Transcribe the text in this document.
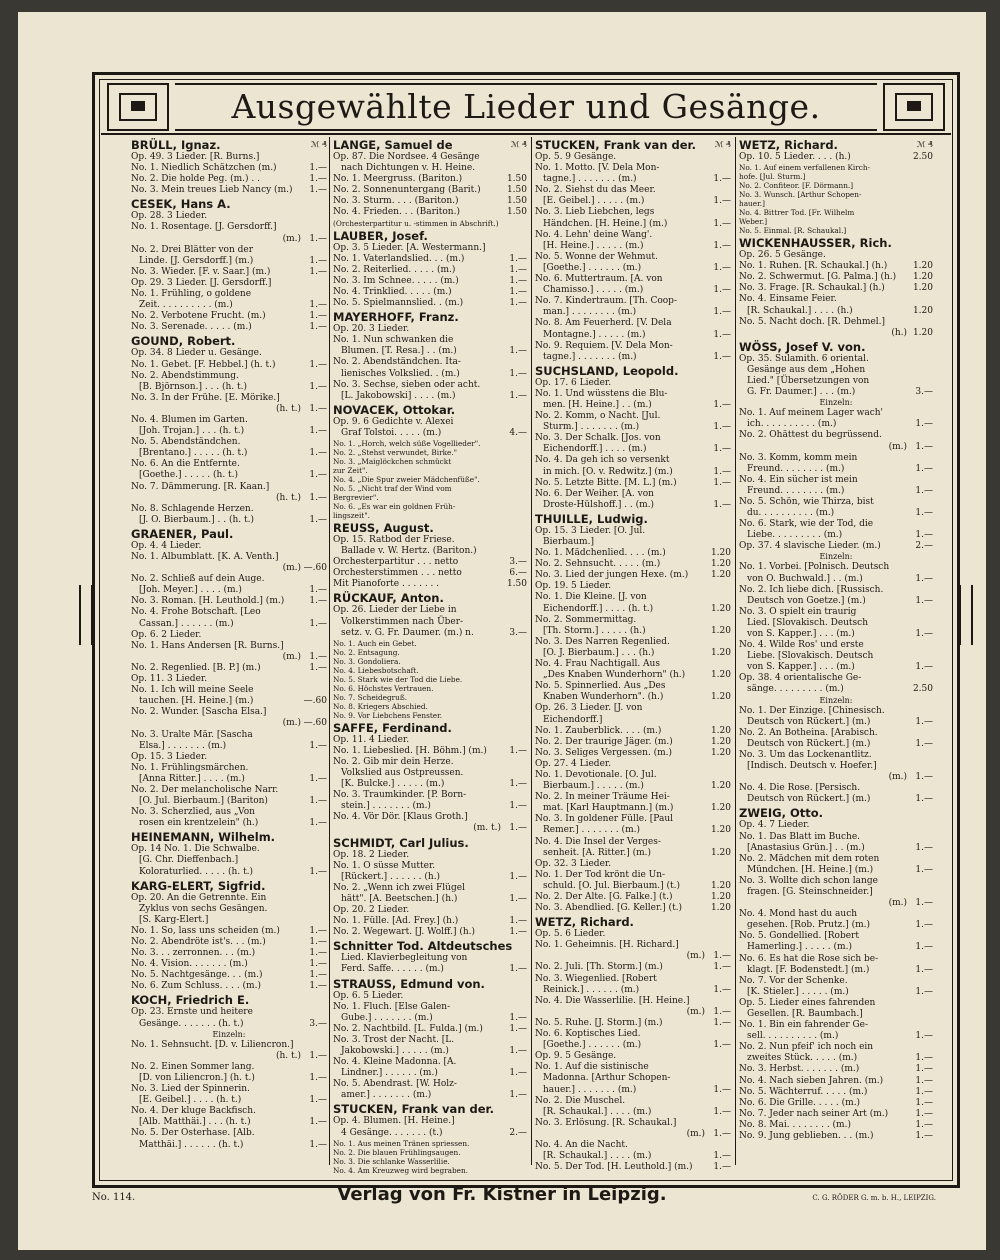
Ausgewählte Lieder und Gesänge.
BRÜLL, Ignaz.	ℳ ₰
Op. 49. 3 Lieder. [R. Burns.]
No. 1. Niedlich Schätzchen (m.)	1.—
No. 2. Die holde Peg. (m.) . .	1.—
No. 3. Mein treues Lieb Nancy (m.) 1.—
CESEK, Hans A.
Op. 28. 3 Lieder.
No. 1. Rosentage. [J. Gersdorff.]
(m.) 1.—
No. 2. Drei Blätter von der
Linde. [J. Gersdorff.] (m.)	1.—
No. 3. Wieder. [F. v. Saar.] (m.)	1.—
Op. 29. 3 Lieder. [J. Gersdorff.]
No. 1. Frühling, o goldene
Zeit. . . . . . . . . . (m.)	1.—
No. 2. Verbotene Frucht. (m.)	1.—
No. 3. Serenade. . . . . (m.)	1.—
GOUND, Robert.
Op. 34. 8 Lieder u. Gesänge.
No. 1. Gebet. [F. Hebbel.] (h. t.)	1.—
No. 2. Abendstimmung.
[B. Björnson.] . . . (h. t.)	1.—
No. 3. In der Frühe. [E. Mörike.]
(h. t.) 1.—
No. 4. Blumen im Garten.
[Joh. Trojan.] . . . (h. t.)	1.—
No. 5. Abendständchen.
[Brentano.] . . . . . (h. t.)	1.—
No. 6. An die Entfernte.
[Goethe.] . . . . . (h. t.)	1.—
No. 7. Dämmerung. [R. Kaan.]
(h. t.) 1.—
No. 8. Schlagende Herzen.
[J. O. Bierbaum.] . . (h. t.)	1.—
GRAENER, Paul.
Op. 4. 4 Lieder.
No. 1. Albumblatt. [K. A. Venth.]
(m.) —.60
No. 2. Schließ auf dein Auge.
[Joh. Meyer.] . . . . (m.)	1.—
No. 3. Roman. [H. Leuthold.] (m.)	1.—
No. 4. Frohe Botschaft. [Leo
Cassan.] . . . . . . (m.)	1.—
Op. 6. 2 Lieder.
No. 1. Hans Andersen [R. Burns.]
(m.) 1.—
No. 2. Regenlied. [B. P.] (m.)	1.—
Op. 11. 3 Lieder.
No. 1. Ich will meine Seele
tauchen. [H. Heine.] (m.)	—.60
No. 2. Wunder. [Sascha Elsa.]
(m.) —.60
No. 3. Uralte Mär. [Sascha
Elsa.] . . . . . . . (m.)	1.—
Op. 15. 3 Lieder.
No. 1. Frühlingsmärchen.
[Anna Ritter.] . . . . (m.)	1.—
No. 2. Der melancholische Narr.
[O. Jul. Bierbaum.] (Bariton)	1.—
No. 3. Scherzlied, aus „Von
rosen ein krentzelein" (h.)	1.—
HEINEMANN, Wilhelm.
Op. 14 No. 1. Die Schwalbe.
[G. Chr. Dieffenbach.]
Koloraturlied. . . . . (h. t.)	1.—
KARG-ELERT, Sigfrid.
Op. 20. An die Getrennte. Ein
Zyklus von sechs Gesängen.
[S. Karg-Elert.]
No. 1. So, lass uns scheiden (m.)	1.—
No. 2. Abendröte ist's. . . (m.)	1.—
No. 3. . . zerronnen. . . (m.)	1.—
No. 4. Vision. . . . . . . (m.)	1.—
No. 5. Nachtgesänge. . . (m.)	1.—
No. 6. Zum Schluss. . . . (m.)	1.—
KOCH, Friedrich E.
Op. 23. Ernste und heitere
Gesänge. . . . . . . (h. t.)	3.—
Einzeln:
No. 1. Sehnsucht. [D. v. Liliencron.]
(h. t.) 1.—
No. 2. Einen Sommer lang.
[D. von Liliencron.] (h. t.)	1.—
No. 3. Lied der Spinnerin.
[E. Geibel.] . . . . (h. t.)	1.—
No. 4. Der kluge Backfisch.
[Alb. Matthäi.] . . . (h. t.)	1.—
No. 5. Der Osterhase. [Alb.
Matthäi.] . . . . . . (h. t.)	1.—
LANGE, Samuel de	ℳ ₰
Op. 87. Die Nordsee. 4 Gesänge
nach Dichtungen v. H. Heine.
No. 1. Meergruss. (Bariton.)	1.50
No. 2. Sonnenuntergang (Barit.)	1.50
No. 3. Sturm. . . . (Bariton.)	1.50
No. 4. Frieden. . . (Bariton.)	1.50
(Orchesterpartitur u. -stimmen in Abschrift.)
LAUBER, Josef.
Op. 3. 5 Lieder. [A. Westermann.]
No. 1. Vaterlandslied. . . (m.)	1.—
No. 2. Reiterlied. . . . . (m.)	1.—
No. 3. Im Schnee. . . . . (m.)	1.—
No. 4. Trinklied. . . . . (m.)	1.—
No. 5. Spielmannslied. . (m.)	1.—
MAYERHOFF, Franz.
Op. 20. 3 Lieder.
No. 1. Nun schwanken die
Blumen. [T. Resa.] . . (m.)	1.—
No. 2. Abendständchen. Ita-
lienisches Volkslied. . (m.)	1.—
No. 3. Sechse, sieben oder acht.
[L. Jakobowski] . . . . (m.)	1.—
NOVACEK, Ottokar.
Op. 9. 6 Gedichte v. Alexei
Graf Tolstoi. . . . . (m.)	4.—
No. 1. „Horch, welch süße Vogellieder".
No. 2. „Stehst verwundet, Birke."
No. 3. „Maiglöckchen schmückt
zur Zeit".
No. 4. „Die Spur zweier Mädchenfüße".
No. 5. „Nicht traf der Wind vom
Bergrevier".
No. 6. „Es war ein goldnen Früh-
lingszeit".
REUSS, August.
Op. 15. Ratbod der Friese.
Ballade v. W. Hertz. (Bariton.)
Orchesterpartitur . . . netto	3.—
Orchesterstimmen . . . netto	6.—
Mit Pianoforte . . . . . . .	1.50
RÜCKAUF, Anton.
Op. 26. Lieder der Liebe in
Volkerstimmen nach Über-
setz. v. G. Fr. Daumer. (m.) n.	3.—
No. 1. Auch ein Gebet.
No. 2. Entsagung.
No. 3. Gondoliera.
No. 4. Liebesbotschaft.
No. 5. Stark wie der Tod die Liebe.
No. 6. Höchstes Vertrauen.
No. 7. Scheidegruß.
No. 8. Kriegers Abschied.
No. 9. Vor Liebchens Fenster.
SAFFE, Ferdinand.
Op. 11. 4 Lieder.
No. 1. Liebeslied. [H. Böhm.] (m.)	1.—
No. 2. Gib mir dein Herze.
Volkslied aus Ostpreussen.
[K. Bulcke.] . . . . . (m.)	1.—
No. 3. Traumkinder. [P. Born-
stein.] . . . . . . . (m.)	1.—
No. 4. Vör Dör. [Klaus Groth.]
(m. t.) 1.—
SCHMIDT, Carl Julius.
Op. 18. 2 Lieder.
No. 1. O süsse Mutter.
[Rückert.] . . . . . . (h.)	1.—
No. 2. „Wenn ich zwei Flügel
hätt". [A. Beetschen.] (h.)	1.—
Op. 20. 2 Lieder.
No. 1. Fülle. [Ad. Frey.] (h.)	1.—
No. 2. Wegewart. [J. Wolff.] (h.)	1.—
Schnitter Tod. Altdeutsches
Lied. Klavierbegleitung von
Ferd. Saffe. . . . . . (m.)	1.—
STRAUSS, Edmund von.
Op. 6. 5 Lieder.
No. 1. Fluch. [Else Galen-
Gube.] . . . . . . . (m.)	1.—
No. 2. Nachtbild. [L. Fulda.] (m.)	1.—
No. 3. Trost der Nacht. [L.
Jakobowski.] . . . . . (m.)	1.—
No. 4. Kleine Madonna. [A.
Lindner.] . . . . . . (m.)	1.—
No. 5. Abendrast. [W. Holz-
amer.] . . . . . . . (m.)	1.—
STUCKEN, Frank van der.
Op. 4. Blumen. [H. Heine.]
4 Gesänge. . . . . . . (t.)	2.—
No. 1. Aus meinen Tränen spriessen.
No. 2. Die blauen Frühlingsaugen.
No. 3. Die schlanke Wasserlilie.
No. 4. Am Kreuzweg wird begraben.
STUCKEN, Frank van der. ℳ ₰
Op. 5. 9 Gesänge.
No. 1. Motto. [V. Dela Mon-
tagne.] . . . . . . . (m.)	1.—
No. 2. Siehst du das Meer.
[E. Geibel.] . . . . . (m.)	1.—
No. 3. Lieb Liebchen, legs
Händchen. [H. Heine.] (m.)	1.—
No. 4. Lehn' deine Wang'.
[H. Heine.] . . . . . (m.)	1.—
No. 5. Wonne der Wehmut.
[Goethe.] . . . . . . (m.)	1.—
No. 6. Muttertraum. [A. von
Chamisso.] . . . . . (m.)	1.—
No. 7. Kindertraum. [Th. Coop-
man.] . . . . . . . . (m.)	1.—
No. 8. Am Feuerherd. [V. Dela
Montagne.] . . . . . (m.)	1.—
No. 9. Requiem. [V. Dela Mon-
tagne.] . . . . . . . (m.)	1.—
SUCHSLAND, Leopold.
Op. 17. 6 Lieder.
No. 1. Und wüsstens die Blu-
men. [H. Heine.] . . (m.)	1.—
No. 2. Komm, o Nacht. [Jul.
Sturm.] . . . . . . . (m.)	1.—
No. 3. Der Schalk. [Jos. von
Eichendorff.] . . . . (m.)	1.—
No. 4. Da geh ich so versenkt
in mich. [O. v. Redwitz.] (m.)	1.—
No. 5. Letzte Bitte. [M. L.] (m.)	1.—
No. 6. Der Weiher. [A. von
Droste-Hülshoff.] . . (m.)	1.—
THUILLE, Ludwig.
Op. 15. 3 Lieder. [O. Jul.
Bierbaum.]
No. 1. Mädchenlied. . . . (m.)	1.20
No. 2. Sehnsucht. . . . . (m.)	1.20
No. 3. Lied der jungen Hexe. (m.)	1.20
Op. 19. 5 Lieder.
No. 1. Die Kleine. [J. von
Eichendorff.] . . . . (h. t.)	1.20
No. 2. Sommermittag.
[Th. Storm.] . . . . . (h.)	1.20
No. 3. Des Narren Regenlied.
[O. J. Bierbaum.] . . . (h.)	1.20
No. 4. Frau Nachtigall. Aus
„Des Knaben Wunderhorn" (h.)	1.20
No. 5. Spinnerlied. Aus „Des
Knaben Wunderhorn". (h.)	1.20
Op. 26. 3 Lieder. [J. von
Eichendorff.]
No. 1. Zauberblick. . . . (m.)	1.20
No. 2. Der traurige Jäger. (m.)	1.20
No. 3. Seliges Vergessen. (m.)	1.20
Op. 27. 4 Lieder.
No. 1. Devotionale. [O. Jul.
Bierbaum.] . . . . . (m.)	1.20
No. 2. In meiner Träume Hei-
mat. [Karl Hauptmann.] (m.)	1.20
No. 3. In goldener Fülle. [Paul
Remer.] . . . . . . . (m.)	1.20
No. 4. Die Insel der Verges-
senheit. [A. Ritter.] (m.)	1.20
Op. 32. 3 Lieder.
No. 1. Der Tod krönt die Un-
schuld. [O. Jul. Bierbaum.] (t.)	1.20
No. 2. Der Alte. [G. Falke.] (t.)	1.20
No. 3. Abendlied. [G. Keller.] (t.)	1.20
WETZ, Richard.
Op. 5. 6 Lieder.
No. 1. Geheimnis. [H. Richard.]
(m.) 1.—
No. 2. Juli. [Th. Storm.] (m.)	1.—
No. 3. Wiegenlied. [Robert
Reinick.] . . . . . . (m.)	1.—
No. 4. Die Wasserlilie. [H. Heine.]
(m.) 1.—
No. 5. Ruhe. [J. Storm.] (m.)	1.—
No. 6. Koptisches Lied.
[Goethe.] . . . . . . (m.)	1.—
Op. 9. 5 Gesänge.
No. 1. Auf die sistinische
Madonna. [Arthur Schopen-
hauer.] . . . . . . . (m.)	1.—
No. 2. Die Muschel.
[R. Schaukal.] . . . . (m.)	1.—
No. 3. Erlösung. [R. Schaukal.]
(m.) 1.—
No. 4. An die Nacht.
[R. Schaukal.] . . . . (m.)	1.—
No. 5. Der Tod. [H. Leuthold.] (m.) 1.—
WETZ, Richard.	ℳ ₰
Op. 10. 5 Lieder. . . . (h.)	2.50
No. 1. Auf einem verfallenen Kirch-
hofe. [Jul. Sturm.]
No. 2. Confiteor. [F. Dörmann.]
No. 3. Wunsch. [Arthur Schopen-
hauer.]
No. 4. Bittrer Tod. [Fr. Wilhelm
Weber.]
No. 5. Einmal. [R. Schaukal.]
WICKENHAUSSER, Rich.
Op. 26. 5 Gesänge.
No. 1. Ruhen. [R. Schaukal.] (h.)	1.20
No. 2. Schwermut. [G. Palma.] (h.) 1.20
No. 3. Frage. [R. Schaukal.] (h.)	1.20
No. 4. Einsame Feier.
[R. Schaukal.] . . . . (h.)	1.20
No. 5. Nacht doch. [R. Dehmel.]
(h.) 1.20
WÖSS, Josef V. von.
Op. 35. Sulamith. 6 oriental.
Gesänge aus dem „Hohen
Lied." [Übersetzungen von
G. Fr. Daumer.] . . . (m.)	3.—
Einzeln:
No. 1. Auf meinem Lager wach'
ich. . . . . . . . . . (m.)	1.—
No. 2. Ohättest du begrüssend.
(m.) 1.—
No. 3. Komm, komm mein
Freund. . . . . . . . (m.)	1.—
No. 4. Ein sücher ist mein
Freund. . . . . . . . (m.)	1.—
No. 5. Schön, wie Thirza, bist
du. . . . . . . . . . (m.)	1.—
No. 6. Stark, wie der Tod, die
Liebe. . . . . . . . . (m.)	1.—
Op. 37. 4 slavische Lieder. (m.)	2.—
Einzeln:
No. 1. Vorbei. [Polnisch. Deutsch
von O. Buchwald.] . . (m.)	1.—
No. 2. Ich liebe dich. [Russisch.
Deutsch von Goetze.] (m.)	1.—
No. 3. O spielt ein traurig
Lied. [Slovakisch. Deutsch
von S. Kapper.] . . . (m.)	1.—
No. 4. Wilde Ros' und erste
Liebe. [Slovakisch. Deutsch
von S. Kapper.] . . . (m.)	1.—
Op. 38. 4 orientalische Ge-
sänge. . . . . . . . . (m.)	2.50
Einzeln:
No. 1. Der Einzige. [Chinesisch.
Deutsch von Rückert.] (m.)	1.—
No. 2. An Botheina. [Arabisch.
Deutsch von Rückert.] (m.)	1.—
No. 3. Um das Lockenantlitz.
[Indisch. Deutsch v. Hoefer.]
(m.) 1.—
No. 4. Die Rose. [Persisch.
Deutsch von Rückert.] (m.)	1.—
ZWEIG, Otto.
Op. 4. 7 Lieder.
No. 1. Das Blatt im Buche.
[Anastasius Grün.] . . (m.)	1.—
No. 2. Mädchen mit dem roten
Mündchen. [H. Heine.] (m.)	1.—
No. 3. Wollte dich schon lange
fragen. [G. Steinschneider.]
(m.) 1.—
No. 4. Mond hast du auch
gesehen. [Rob. Prutz.] (m.)	1.—
No. 5. Gondellied. [Robert
Hamerling.] . . . . . (m.)	1.—
No. 6. Es hat die Rose sich be-
klagt. [F. Bodenstedt.] (m.)	1.—
No. 7. Vor der Schenke.
[K. Stieler.] . . . . . (m.)	1.—
Op. 5. Lieder eines fahrenden
Gesellen. [R. Baumbach.]
No. 1. Bin ein fahrender Ge-
sell. . . . . . . . . . (m.)	1.—
No. 2. Nun pfeif' ich noch ein
zweites Stück. . . . . (m.)	1.—
No. 3. Herbst. . . . . . . (m.)	1.—
No. 4. Nach sieben Jahren. (m.)	1.—
No. 5. Wächterruf. . . . . (m.)	1.—
No. 6. Die Grille. . . . . (m.)	1.—
No. 7. Jeder nach seiner Art (m.)	1.—
No. 8. Mai. . . . . . . . (m.)	1.—
No. 9. Jung geblieben. . . (m.)	1.—
No. 114.	Verlag von Fr. Kistner in Leipzig.	C. G. RÖDER G. m. b. H., LEIPZIG.
